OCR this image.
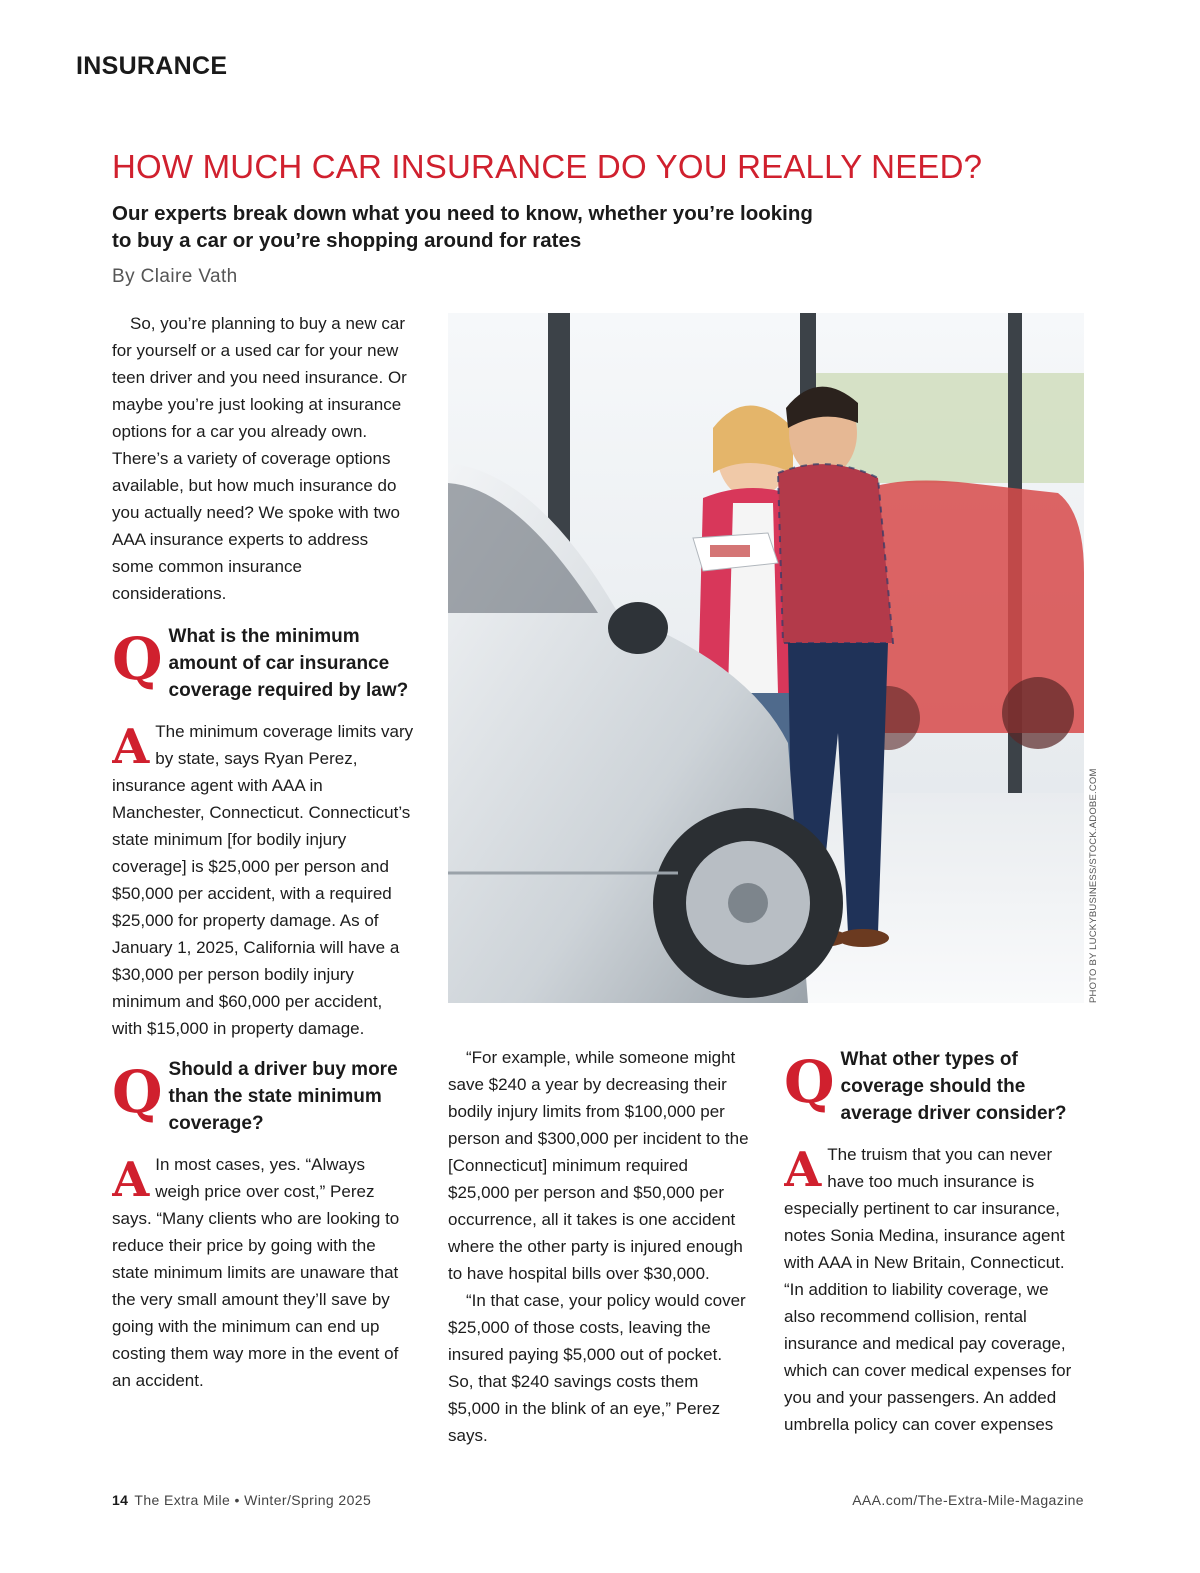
INSURANCE
HOW MUCH CAR INSURANCE DO YOU REALLY NEED?
Our experts break down what you need to know, whether you’re looking to buy a car or you’re shopping around for rates
By Claire Vath

So, you’re planning to buy a new car for yourself or a used car for your new teen driver and you need insurance. Or maybe you’re just looking at insurance options for a car you already own. There’s a variety of coverage options available, but how much insurance do you actually need? We spoke with two AAA insurance experts to address some common insurance considerations.

Q What is the minimum amount of car insurance coverage required by law?
A The minimum coverage limits vary by state, says Ryan Perez, insurance agent with AAA in Manchester, Connecticut. Connecticut’s state minimum [for bodily injury coverage] is $25,000 per person and $50,000 per accident, with a required $25,000 for property damage. As of January 1, 2025, California will have a $30,000 per person bodily injury minimum and $60,000 per accident, with $15,000 in property damage.

Q Should a driver buy more than the state minimum coverage?
A In most cases, yes. “Always weigh price over cost,” Perez says. “Many clients who are looking to reduce their price by going with the state minimum limits are unaware that the very small amount they’ll save by going with the minimum can end up costing them way more in the event of an accident.

PHOTO BY LUCKYBUSINESS/STOCK.ADOBE.COM

“For example, while someone might save $240 a year by decreasing their bodily injury limits from $100,000 per person and $300,000 per incident to the [Connecticut] minimum required $25,000 per person and $50,000 per occurrence, all it takes is one accident where the other party is injured enough to have hospital bills over $30,000.

“In that case, your policy would cover $25,000 of those costs, leaving the insured paying $5,000 out of pocket. So, that $240 savings costs them $5,000 in the blink of an eye,” Perez says.

Q What other types of coverage should the average driver consider?
A The truism that you can never have too much insurance is especially pertinent to car insurance, notes Sonia Medina, insurance agent with AAA in New Britain, Connecticut. “In addition to liability coverage, we also recommend collision, rental insurance and medical pay coverage, which can cover medical expenses for you and your passengers. An added umbrella policy can cover expenses

14 The Extra Mile • Winter/Spring 2025	AAA.com/The-Extra-Mile-Magazine
